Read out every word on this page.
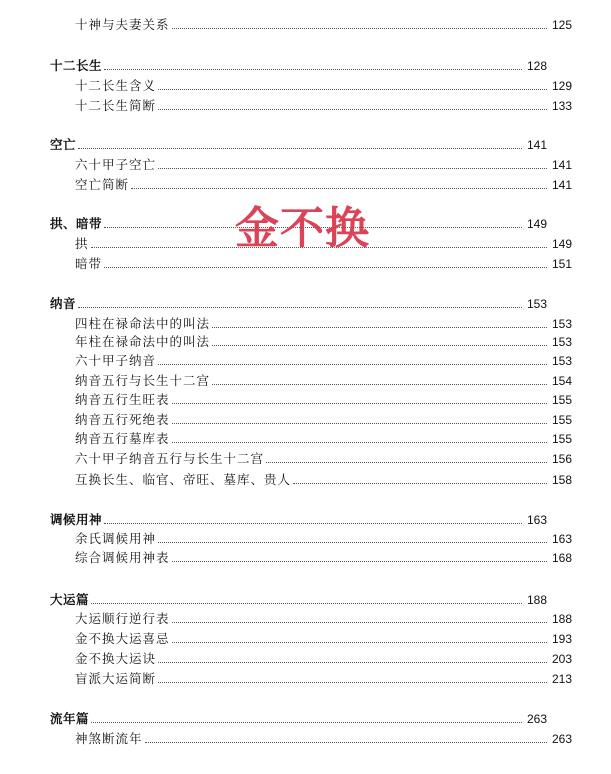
十神与夫妻关系	125
十二长生	128
十二长生含义	129
十二长生简断	133
空亡	141
六十甲子空亡	141
空亡简断	141
拱、暗带	149
拱	149
暗带	151
纳音	153
四柱在禄命法中的叫法	153
年柱在禄命法中的叫法	153
六十甲子纳音	153
纳音五行与长生十二宫	154
纳音五行生旺表	155
纳音五行死绝表	155
纳音五行墓库表	155
六十甲子纳音五行与长生十二宫	156
互换长生、临官、帝旺、墓库、贵人	158
调候用神	163
余氏调候用神	163
综合调候用神表	168
大运篇	188
大运顺行逆行表	188
金不换大运喜忌	193
金不换大运诀	203
盲派大运简断	213
流年篇	263
神煞断流年	263
金不换
